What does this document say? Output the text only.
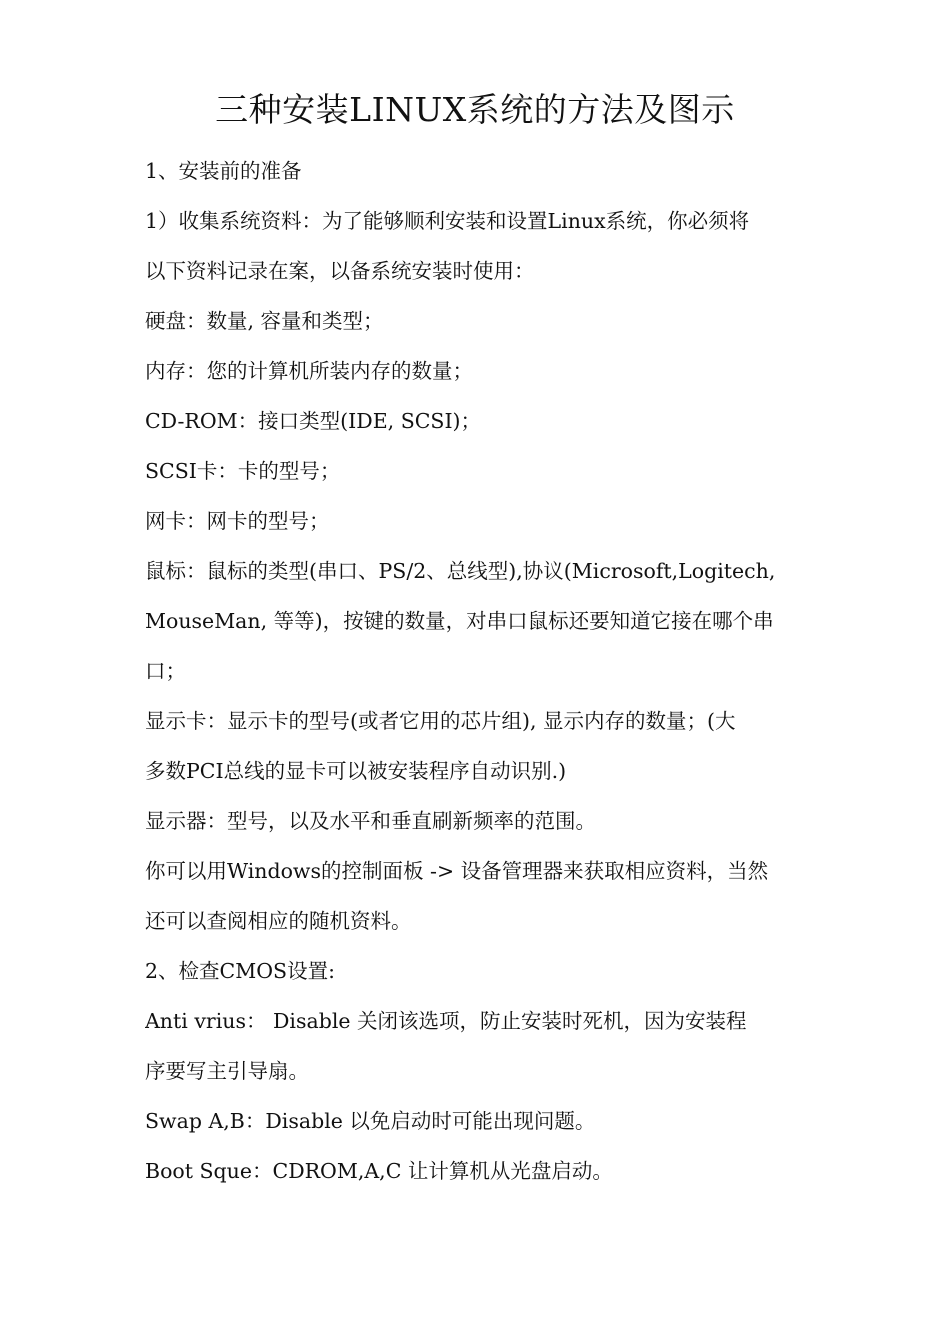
三种安装LINUX系统的方法及图示

1、安装前的准备

1）收集系统资料：为了能够顺利安装和设置Linux系统，你必须将

以下资料记录在案，以备系统安装时使用：

硬盘：数量, 容量和类型；

内存：您的计算机所装内存的数量；

CD-ROM：接口类型(IDE, SCSI)；

SCSI卡：卡的型号；

网卡：网卡的型号；

鼠标：鼠标的类型(串口、PS/2、总线型),协议(Microsoft,Logitech,

MouseMan, 等等)，按键的数量，对串口鼠标还要知道它接在哪个串

口；

显示卡：显示卡的型号(或者它用的芯片组), 显示内存的数量；(大

多数PCI总线的显卡可以被安装程序自动识别.)

显示器：型号，以及水平和垂直刷新频率的范围。

你可以用Windows的控制面板 -> 设备管理器来获取相应资料，当然

还可以查阅相应的随机资料。

2、检查CMOS设置:

Anti vrius： Disable 关闭该选项，防止安装时死机，因为安装程

序要写主引导扇。

Swap A,B：Disable 以免启动时可能出现问题。

Boot Sque：CDROM,A,C 让计算机从光盘启动。
